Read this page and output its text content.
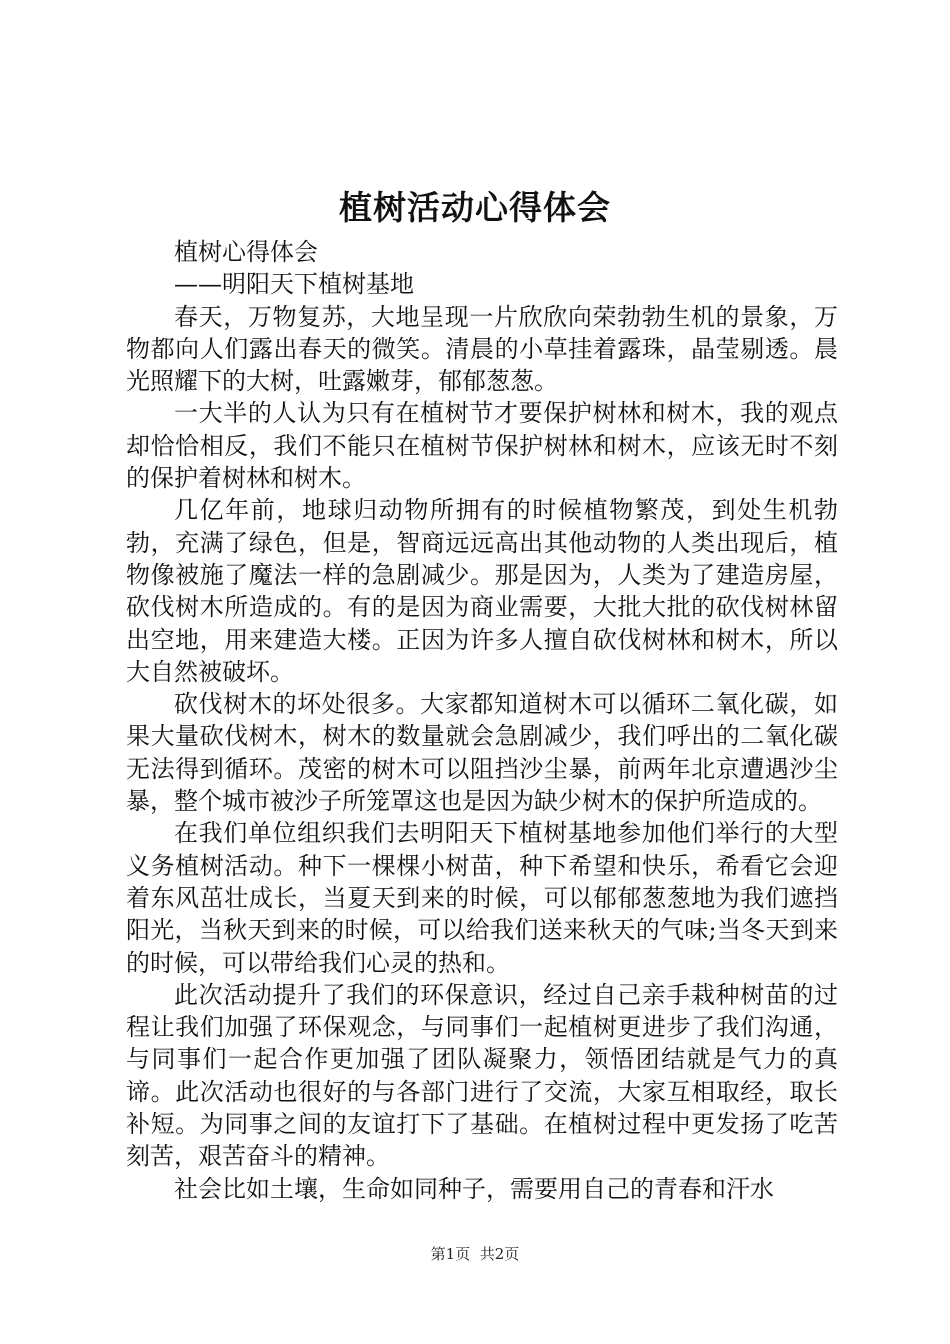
植树活动心得体会

植树心得体会

——明阳天下植树基地

春天，万物复苏，大地呈现一片欣欣向荣勃勃生机的景象，万物都向人们露出春天的微笑。清晨的小草挂着露珠，晶莹剔透。晨光照耀下的大树，吐露嫩芽，郁郁葱葱。

一大半的人认为只有在植树节才要保护树林和树木，我的观点却恰恰相反，我们不能只在植树节保护树林和树木，应该无时不刻的保护着树林和树木。

几亿年前，地球归动物所拥有的时候植物繁茂，到处生机勃勃，充满了绿色，但是，智商远远高出其他动物的人类出现后，植物像被施了魔法一样的急剧减少。那是因为，人类为了建造房屋，砍伐树木所造成的。有的是因为商业需要，大批大批的砍伐树林留出空地，用来建造大楼。正因为许多人擅自砍伐树林和树木，所以大自然被破坏。

砍伐树木的坏处很多。大家都知道树木可以循环二氧化碳，如果大量砍伐树木，树木的数量就会急剧减少，我们呼出的二氧化碳无法得到循环。茂密的树木可以阻挡沙尘暴，前两年北京遭遇沙尘暴，整个城市被沙子所笼罩这也是因为缺少树木的保护所造成的。

在我们单位组织我们去明阳天下植树基地参加他们举行的大型义务植树活动。种下一棵棵小树苗，种下希望和快乐，希看它会迎着东风茁壮成长，当夏天到来的时候，可以郁郁葱葱地为我们遮挡阳光，当秋天到来的时候，可以给我们送来秋天的气味;当冬天到来的时候，可以带给我们心灵的热和。

此次活动提升了我们的环保意识，经过自己亲手栽种树苗的过程让我们加强了环保观念，与同事们一起植树更进步了我们沟通，与同事们一起合作更加强了团队凝聚力，领悟团结就是气力的真谛。此次活动也很好的与各部门进行了交流，大家互相取经，取长补短。为同事之间的友谊打下了基础。在植树过程中更发扬了吃苦刻苦，艰苦奋斗的精神。

社会比如土壤，生命如同种子，需要用自己的青春和汗水

第1页 共2页
